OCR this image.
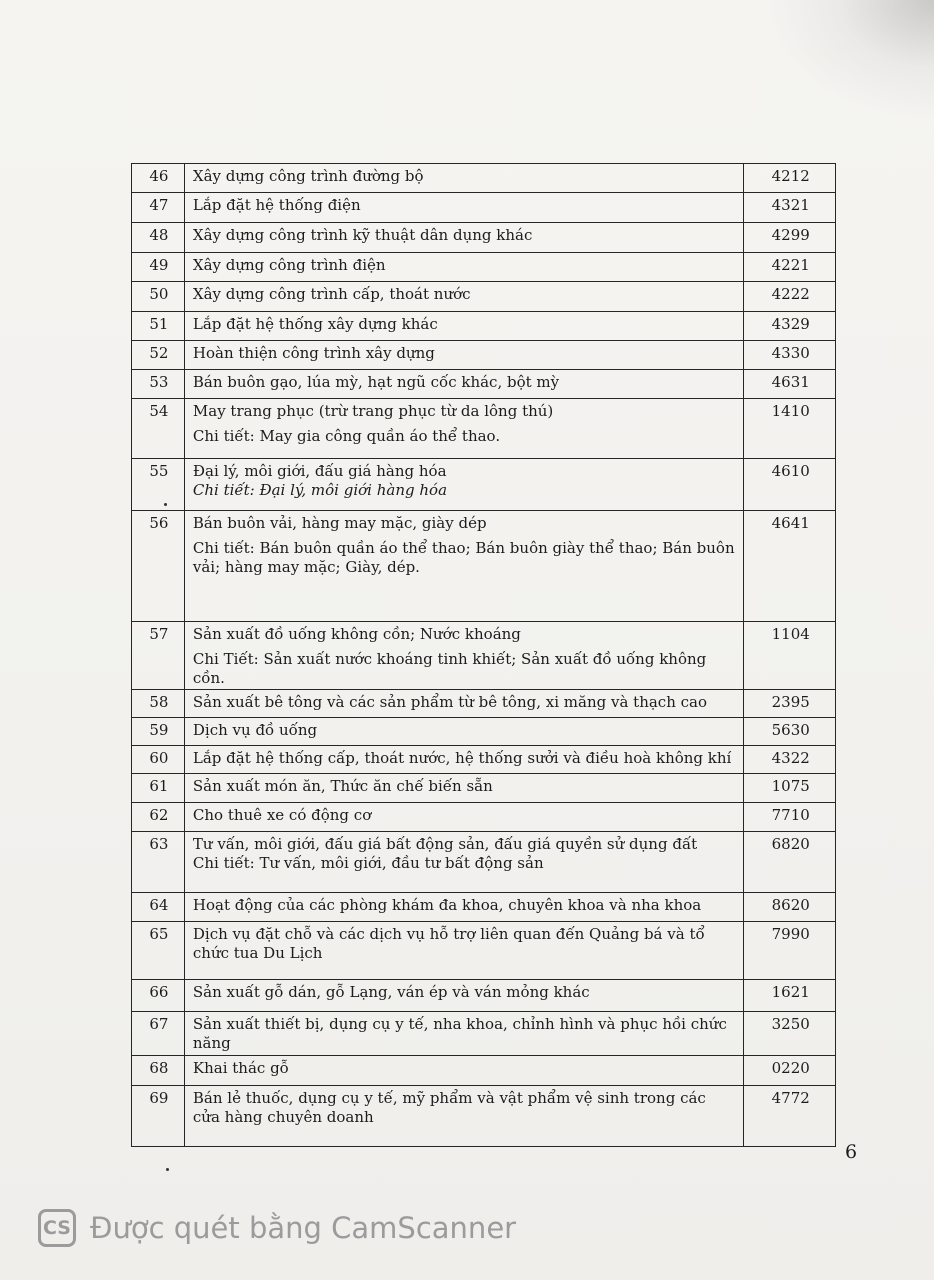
46	Xây dựng công trình đường bộ	4212
47	Lắp đặt hệ thống điện	4321
48	Xây dựng công trình kỹ thuật dân dụng khác	4299
49	Xây dựng công trình điện	4221
50	Xây dựng công trình cấp, thoát nước	4222
51	Lắp đặt hệ thống xây dựng khác	4329
52	Hoàn thiện công trình xây dựng	4330
53	Bán buôn gạo, lúa mỳ, hạt ngũ cốc khác, bột mỳ	4631
54	May trang phục (trừ trang phục từ da lông thú)
Chi tiết: May gia công quần áo thể thao.	1410
55	Đại lý, môi giới, đấu giá hàng hóa
Chi tiết: Đại lý, môi giới hàng hóa	4610
56	Bán buôn vải, hàng may mặc, giày dép
Chi tiết: Bán buôn quần áo thể thao; Bán buôn giày thể thao; Bán buôn vải; hàng may mặc; Giày, dép.	4641
57	Sản xuất đồ uống không cồn; Nước khoáng
Chi Tiết: Sản xuất nước khoáng tinh khiết; Sản xuất đồ uống không cồn.	1104
58	Sản xuất bê tông và các sản phẩm từ bê tông, xi măng và thạch cao	2395
59	Dịch vụ đồ uống	5630
60	Lắp đặt hệ thống cấp, thoát nước, hệ thống sưởi và điều hoà không khí	4322
61	Sản xuất món ăn, Thức ăn chế biến sẵn	1075
62	Cho thuê xe có động cơ	7710
63	Tư vấn, môi giới, đấu giá bất động sản, đấu giá quyền sử dụng đất
Chi tiết: Tư vấn, môi giới, đầu tư bất động sản	6820
64	Hoạt động của các phòng khám đa khoa, chuyên khoa và nha khoa	8620
65	Dịch vụ đặt chỗ và các dịch vụ hỗ trợ liên quan đến Quảng bá và tổ chức tua Du Lịch	7990
66	Sản xuất gỗ dán, gỗ Lạng, ván ép và ván mỏng khác	1621
67	Sản xuất thiết bị, dụng cụ y tế, nha khoa, chỉnh hình và phục hồi chức năng	3250
68	Khai thác gỗ	0220
69	Bán lẻ thuốc, dụng cụ y tế, mỹ phẩm và vật phẩm vệ sinh trong các cửa hàng chuyên doanh	4772
6
CS Được quét bằng CamScanner
